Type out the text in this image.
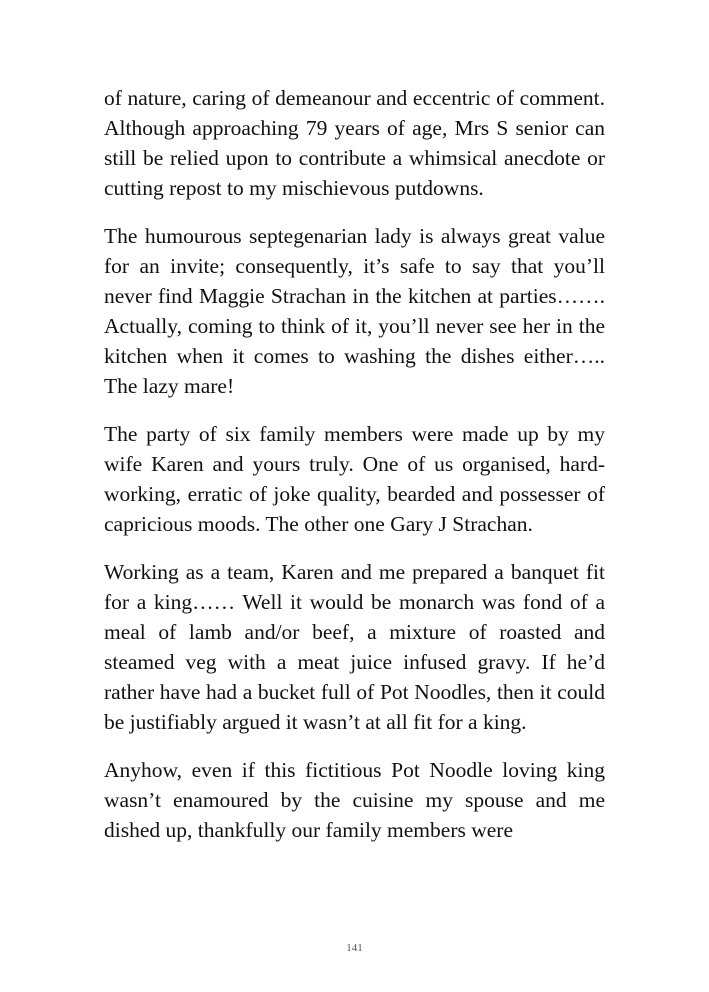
of nature, caring of demeanour and eccentric of comment. Although approaching 79 years of age, Mrs S senior can still be relied upon to contribute a whimsical anecdote or cutting repost to my mischievous putdowns.

The humourous septegenarian lady is always great value for an invite; consequently, it’s safe to say that you’ll never find Maggie Strachan in the kitchen at parties……. Actually, coming to think of it, you’ll never see her in the kitchen when it comes to washing the dishes either….. The lazy mare!

The party of six family members were made up by my wife Karen and yours truly. One of us organised, hard-working, erratic of joke quality, bearded and possesser of capricious moods. The other one Gary J Strachan.

Working as a team, Karen and me prepared a banquet fit for a king…… Well it would be monarch was fond of a meal of lamb and/or beef, a mixture of roasted and steamed veg with a meat juice infused gravy. If he’d rather have had a bucket full of Pot Noodles, then it could be justifiably argued it wasn’t at all fit for a king.

Anyhow, even if this fictitious Pot Noodle loving king wasn’t enamoured by the cuisine my spouse and me dished up, thankfully our family members were

141
